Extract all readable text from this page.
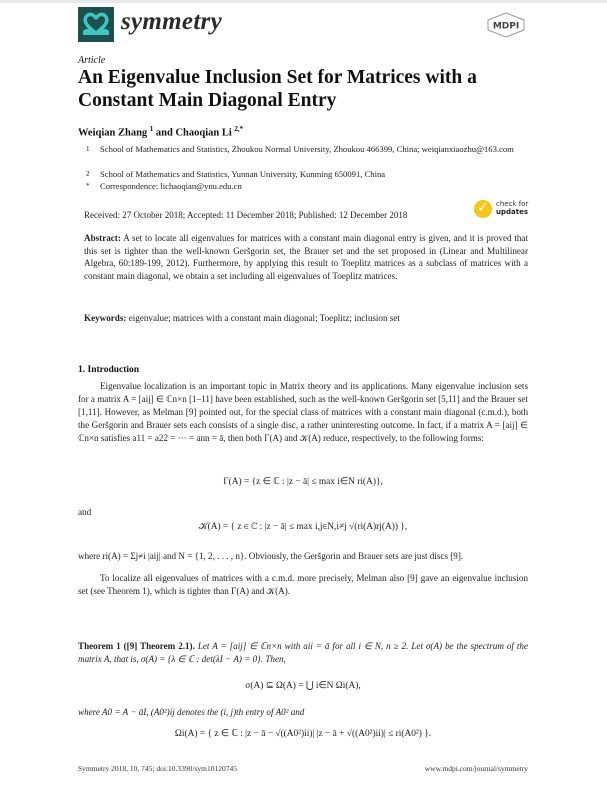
symmetry	MDPI
Article
An Eigenvalue Inclusion Set for Matrices with a Constant Main Diagonal Entry
Weiqian Zhang $^1$ and Chaoqian Li $^{2,*}$
1 School of Mathematics and Statistics, Zhoukou Normal University, Zhoukou 466399, China; weiqianxiaozhu@163.com
2 School of Mathematics and Statistics, Yunnan University, Kunming 650091, China
* Correspondence: lichaoqian@ynu.edu.cn
Received: 27 October 2018; Accepted: 11 December 2018; Published: 12 December 2018	✓ check for
updates
Abstract: A set to locate all eigenvalues for matrices with a constant main diagonal entry is given, and it is proved that this set is tighter than the well-known Geršgorin set, the Brauer set and the set proposed in (Linear and Multilinear Algebra, 60:189-199, 2012). Furthermore, by applying this result to Toeplitz matrices as a subclass of matrices with a constant main diagonal, we obtain a set including all eigenvalues of Toeplitz matrices.
Keywords: eigenvalue; matrices with a constant main diagonal; Toeplitz; inclusion set
1. Introduction
Eigenvalue localization is an important topic in Matrix theory and its applications. Many eigenvalue inclusion sets for a matrix A = [aij] ∈ ℂn×n [1–11] have been established, such as the well-known Geršgorin set [5,11] and the Brauer set [1,11]. However, as Melman [9] pointed out, for the special class of matrices with a constant main diagonal (c.m.d.), both the Geršgorin and Brauer sets each consists of a single disc, a rather uninteresting outcome. In fact, if a matrix A = [aij] ∈ ℂn×n satisfies a11 = a22 = ··· = ann = ā, then both Γ(A) and 𝒦(A) reduce, respectively, to the following forms:
Γ(A) = {z ∈ ℂ : |z − ā| ≤ max i∈N ri(A)},
and
𝒦(A) = { z ∈ ℂ : |z − ā| ≤ max i,j∈N,i≠j √(ri(A)rj(A)) },
where ri(A) = Σj≠i |aij| and N = {1, 2, . . . , n}. Obviously, the Geršgorin and Brauer sets are just discs [9].
To localize all eigenvalues of matrices with a c.m.d. more precisely, Melman also [9] gave an eigenvalue inclusion set (see Theorem 1), which is tighter than Γ(A) and 𝒦(A).
Theorem 1 ([9] Theorem 2.1). Let A = [aij] ∈ ℂn×n with aii = ā for all i ∈ N, n ≥ 2. Let σ(A) be the spectrum of the matrix A, that is, σ(A) = {λ ∈ ℂ : det(λI − A) = 0}. Then,
σ(A) ⊆ Ω(A) = ⋃ i∈N Ωi(A),
where A0 = A − āI, (A0²)ij denotes the (i, j)th entry of A0² and
Ωi(A) = { z ∈ ℂ : |z − ā − √((A0²)ii)| |z − ā + √((A0²)ii)| ≤ ri(A0²) }.
Symmetry 2018, 10, 745; doi:10.3390/sym10120745	www.mdpi.com/journal/symmetry
